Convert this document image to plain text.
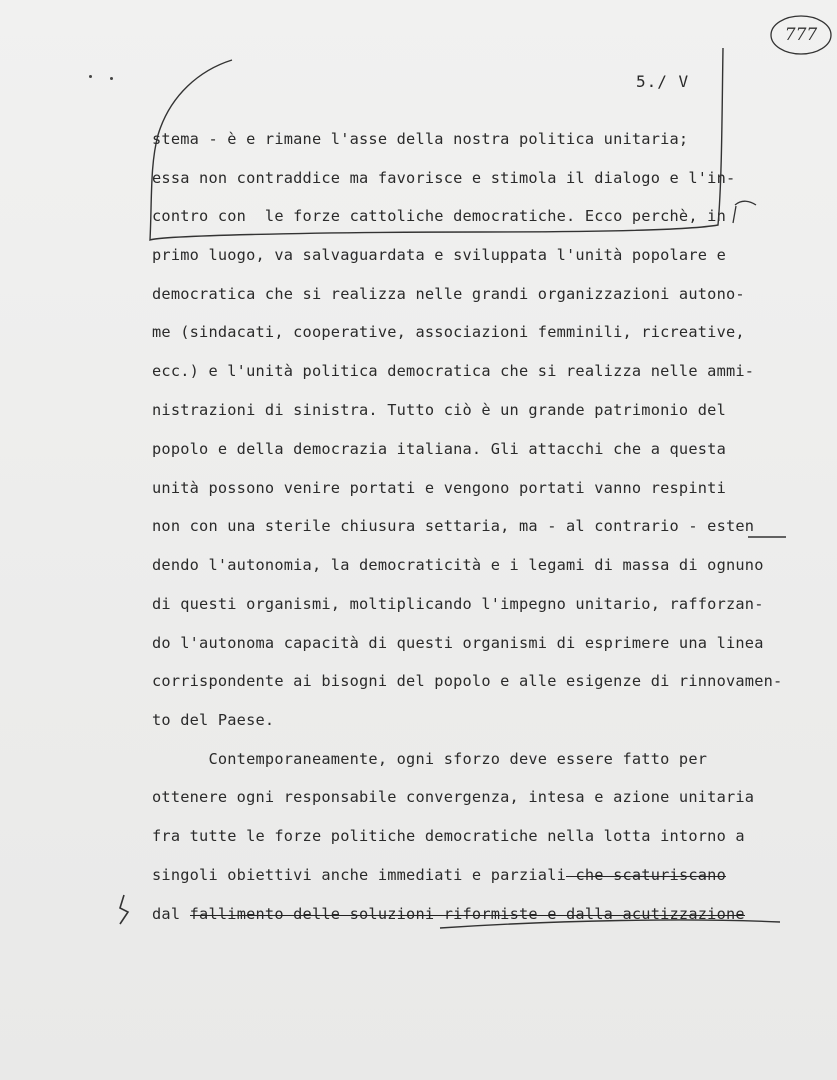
777
5./ V
stema - è e rimane l'asse della nostra politica unitaria;
essa non contraddice ma favorisce e stimola il dialogo e l'in-
contro con  le forze cattoliche democratiche. Ecco perchè, in
primo luogo, va salvaguardata e sviluppata l'unità popolare e
democratica che si realizza nelle grandi organizzazioni autono-
me (sindacati, cooperative, associazioni femminili, ricreative,
ecc.) e l'unità politica democratica che si realizza nelle ammi-
nistrazioni di sinistra. Tutto ciò è un grande patrimonio del
popolo e della democrazia italiana. Gli attacchi che a questa
unità possono venire portati e vengono portati vanno respinti
non con una sterile chiusura settaria, ma - al contrario - esten
dendo l'autonomia, la democraticità e i legami di massa di ognuno
di questi organismi, moltiplicando l'impegno unitario, rafforzan-
do l'autonoma capacità di questi organismi di esprimere una linea
corrispondente ai bisogni del popolo e alle esigenze di rinnovamen-
to del Paese.
Contemporaneamente, ogni sforzo deve essere fatto per
ottenere ogni responsabile convergenza, intesa e azione unitaria
fra tutte le forze politiche democratiche nella lotta intorno a
singoli obiettivi anche immediati e parziali che scaturiscano
dal fallimento delle soluzioni riformiste e dalla acutizzazione
